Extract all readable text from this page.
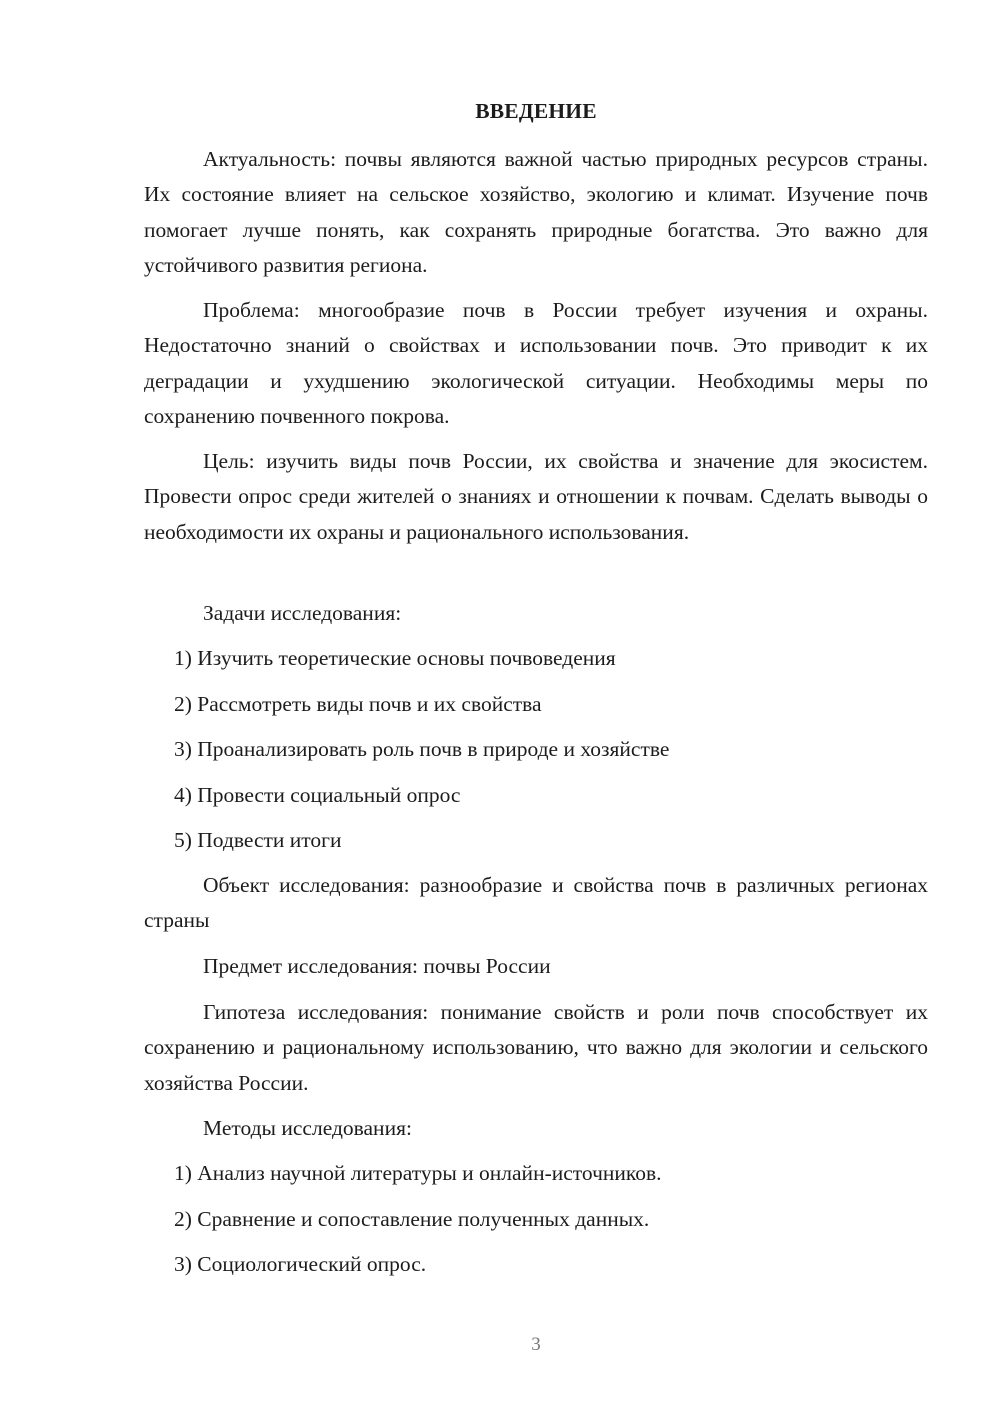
ВВЕДЕНИЕ

Актуальность: почвы являются важной частью природных ресурсов страны. Их состояние влияет на сельское хозяйство, экологию и климат. Изучение почв помогает лучше понять, как сохранять природные богатства. Это важно для устойчивого развития региона.

Проблема: многообразие почв в России требует изучения и охраны. Недостаточно знаний о свойствах и использовании почв. Это приводит к их деградации и ухудшению экологической ситуации. Необходимы меры по сохранению почвенного покрова.

Цель: изучить виды почв России, их свойства и значение для экосистем. Провести опрос среди жителей о знаниях и отношении к почвам. Сделать выводы о необходимости их охраны и рационального использования.

Задачи исследования:

1) Изучить теоретические основы почвоведения

2) Рассмотреть виды почв и их свойства

3) Проанализировать роль почв в природе и хозяйстве

4) Провести социальный опрос

5) Подвести итоги

Объект исследования: разнообразие и свойства почв в различных регионах страны

Предмет исследования: почвы России

Гипотеза исследования: понимание свойств и роли почв способствует их сохранению и рациональному использованию, что важно для экологии и сельского хозяйства России.

Методы исследования:

1) Анализ научной литературы и онлайн-источников.

2) Сравнение и сопоставление полученных данных.

3) Социологический опрос.

3
